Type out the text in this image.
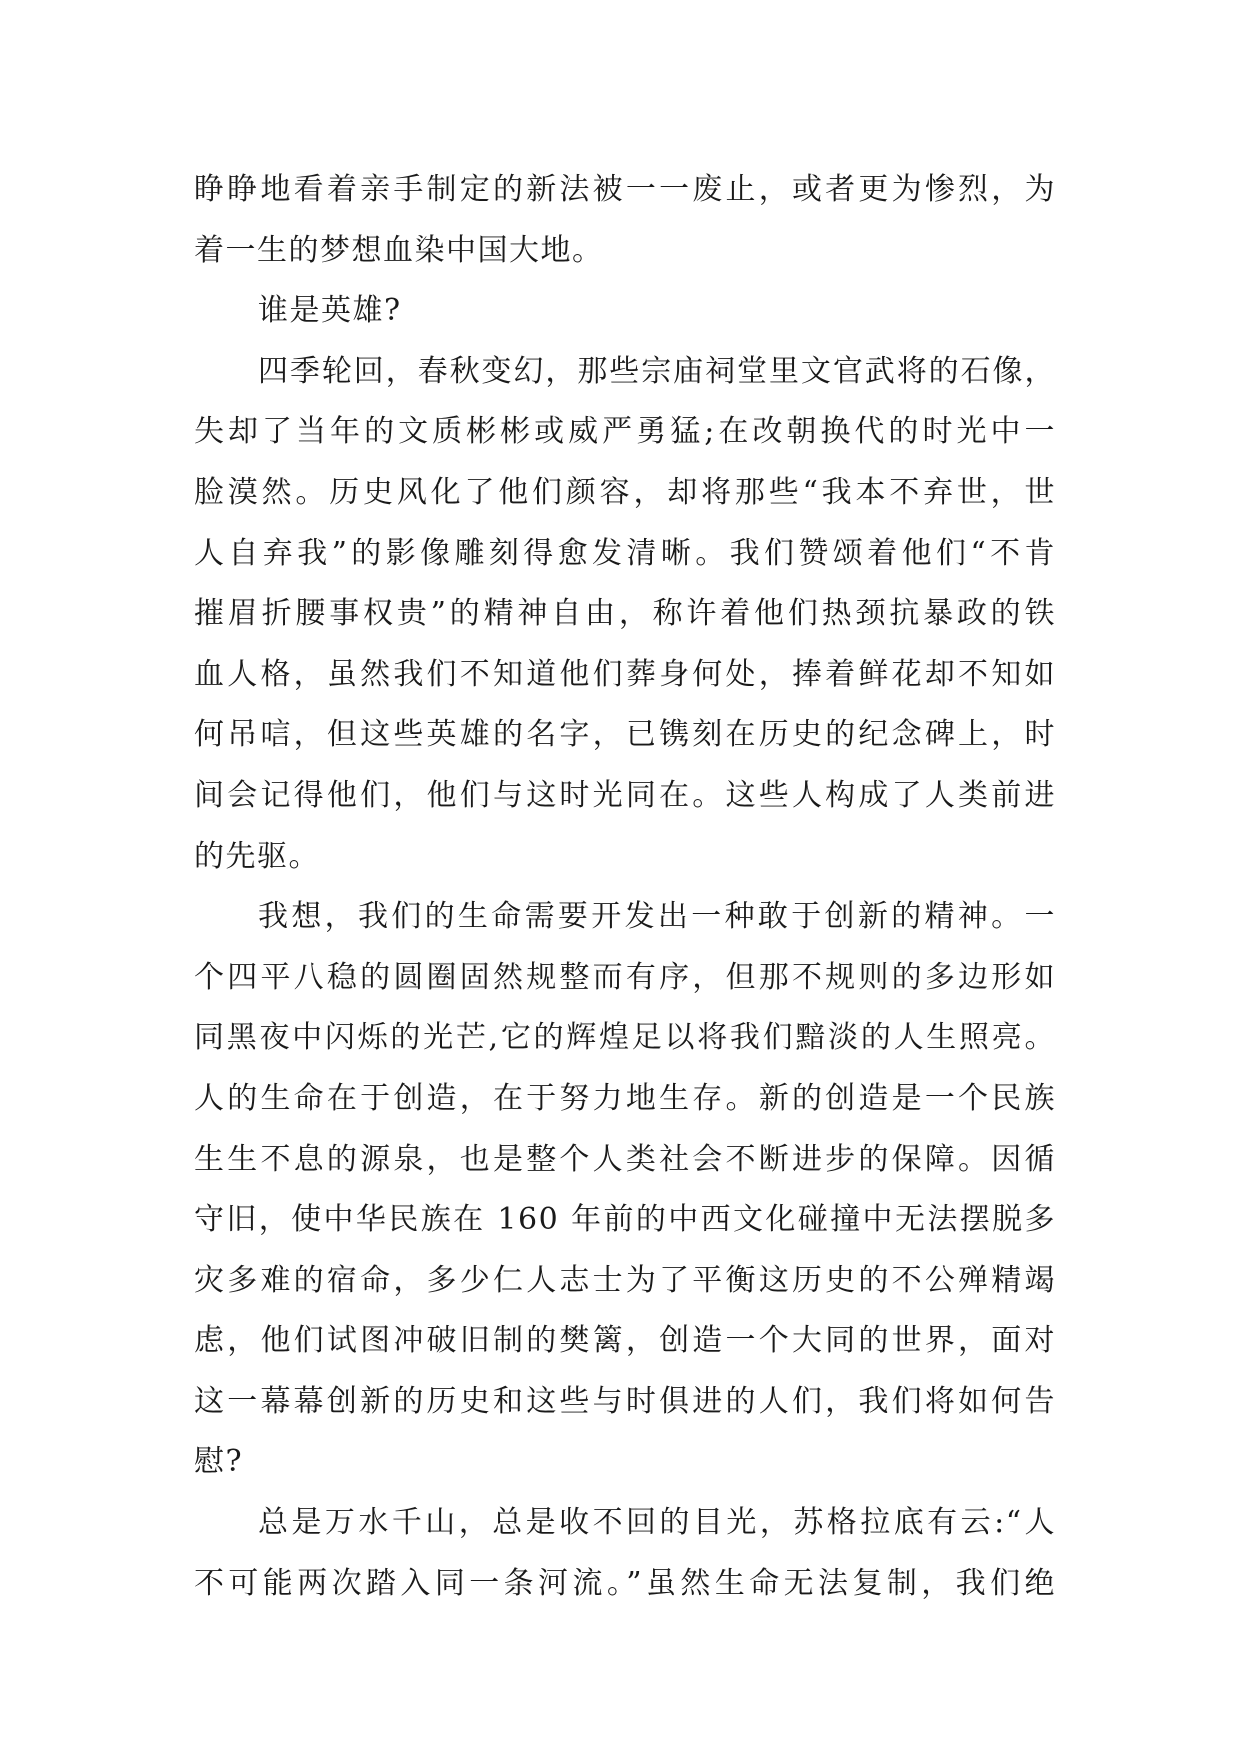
睁睁地看着亲手制定的新法被一一废止，或者更为惨烈，为
着一生的梦想血染中国大地。
谁是英雄?
四季轮回，春秋变幻，那些宗庙祠堂里文官武将的石像，
失却了当年的文质彬彬或威严勇猛;在改朝换代的时光中一
脸漠然。历史风化了他们颜容，却将那些“我本不弃世，世
人自弃我”的影像雕刻得愈发清晰。我们赞颂着他们“不肯
摧眉折腰事权贵”的精神自由，称许着他们热颈抗暴政的铁
血人格，虽然我们不知道他们葬身何处，捧着鲜花却不知如
何吊唁，但这些英雄的名字，已镌刻在历史的纪念碑上，时
间会记得他们，他们与这时光同在。这些人构成了人类前进
的先驱。
我想，我们的生命需要开发出一种敢于创新的精神。一
个四平八稳的圆圈固然规整而有序，但那不规则的多边形如
同黑夜中闪烁的光芒,它的辉煌足以将我们黯淡的人生照亮。
人的生命在于创造，在于努力地生存。新的创造是一个民族
生生不息的源泉，也是整个人类社会不断进步的保障。因循
守旧，使中华民族在 160 年前的中西文化碰撞中无法摆脱多
灾多难的宿命，多少仁人志士为了平衡这历史的不公殚精竭
虑，他们试图冲破旧制的樊篱，创造一个大同的世界，面对
这一幕幕创新的历史和这些与时俱进的人们，我们将如何告
慰?
总是万水千山，总是收不回的目光，苏格拉底有云:“人
不可能两次踏入同一条河流。”虽然生命无法复制，我们绝
